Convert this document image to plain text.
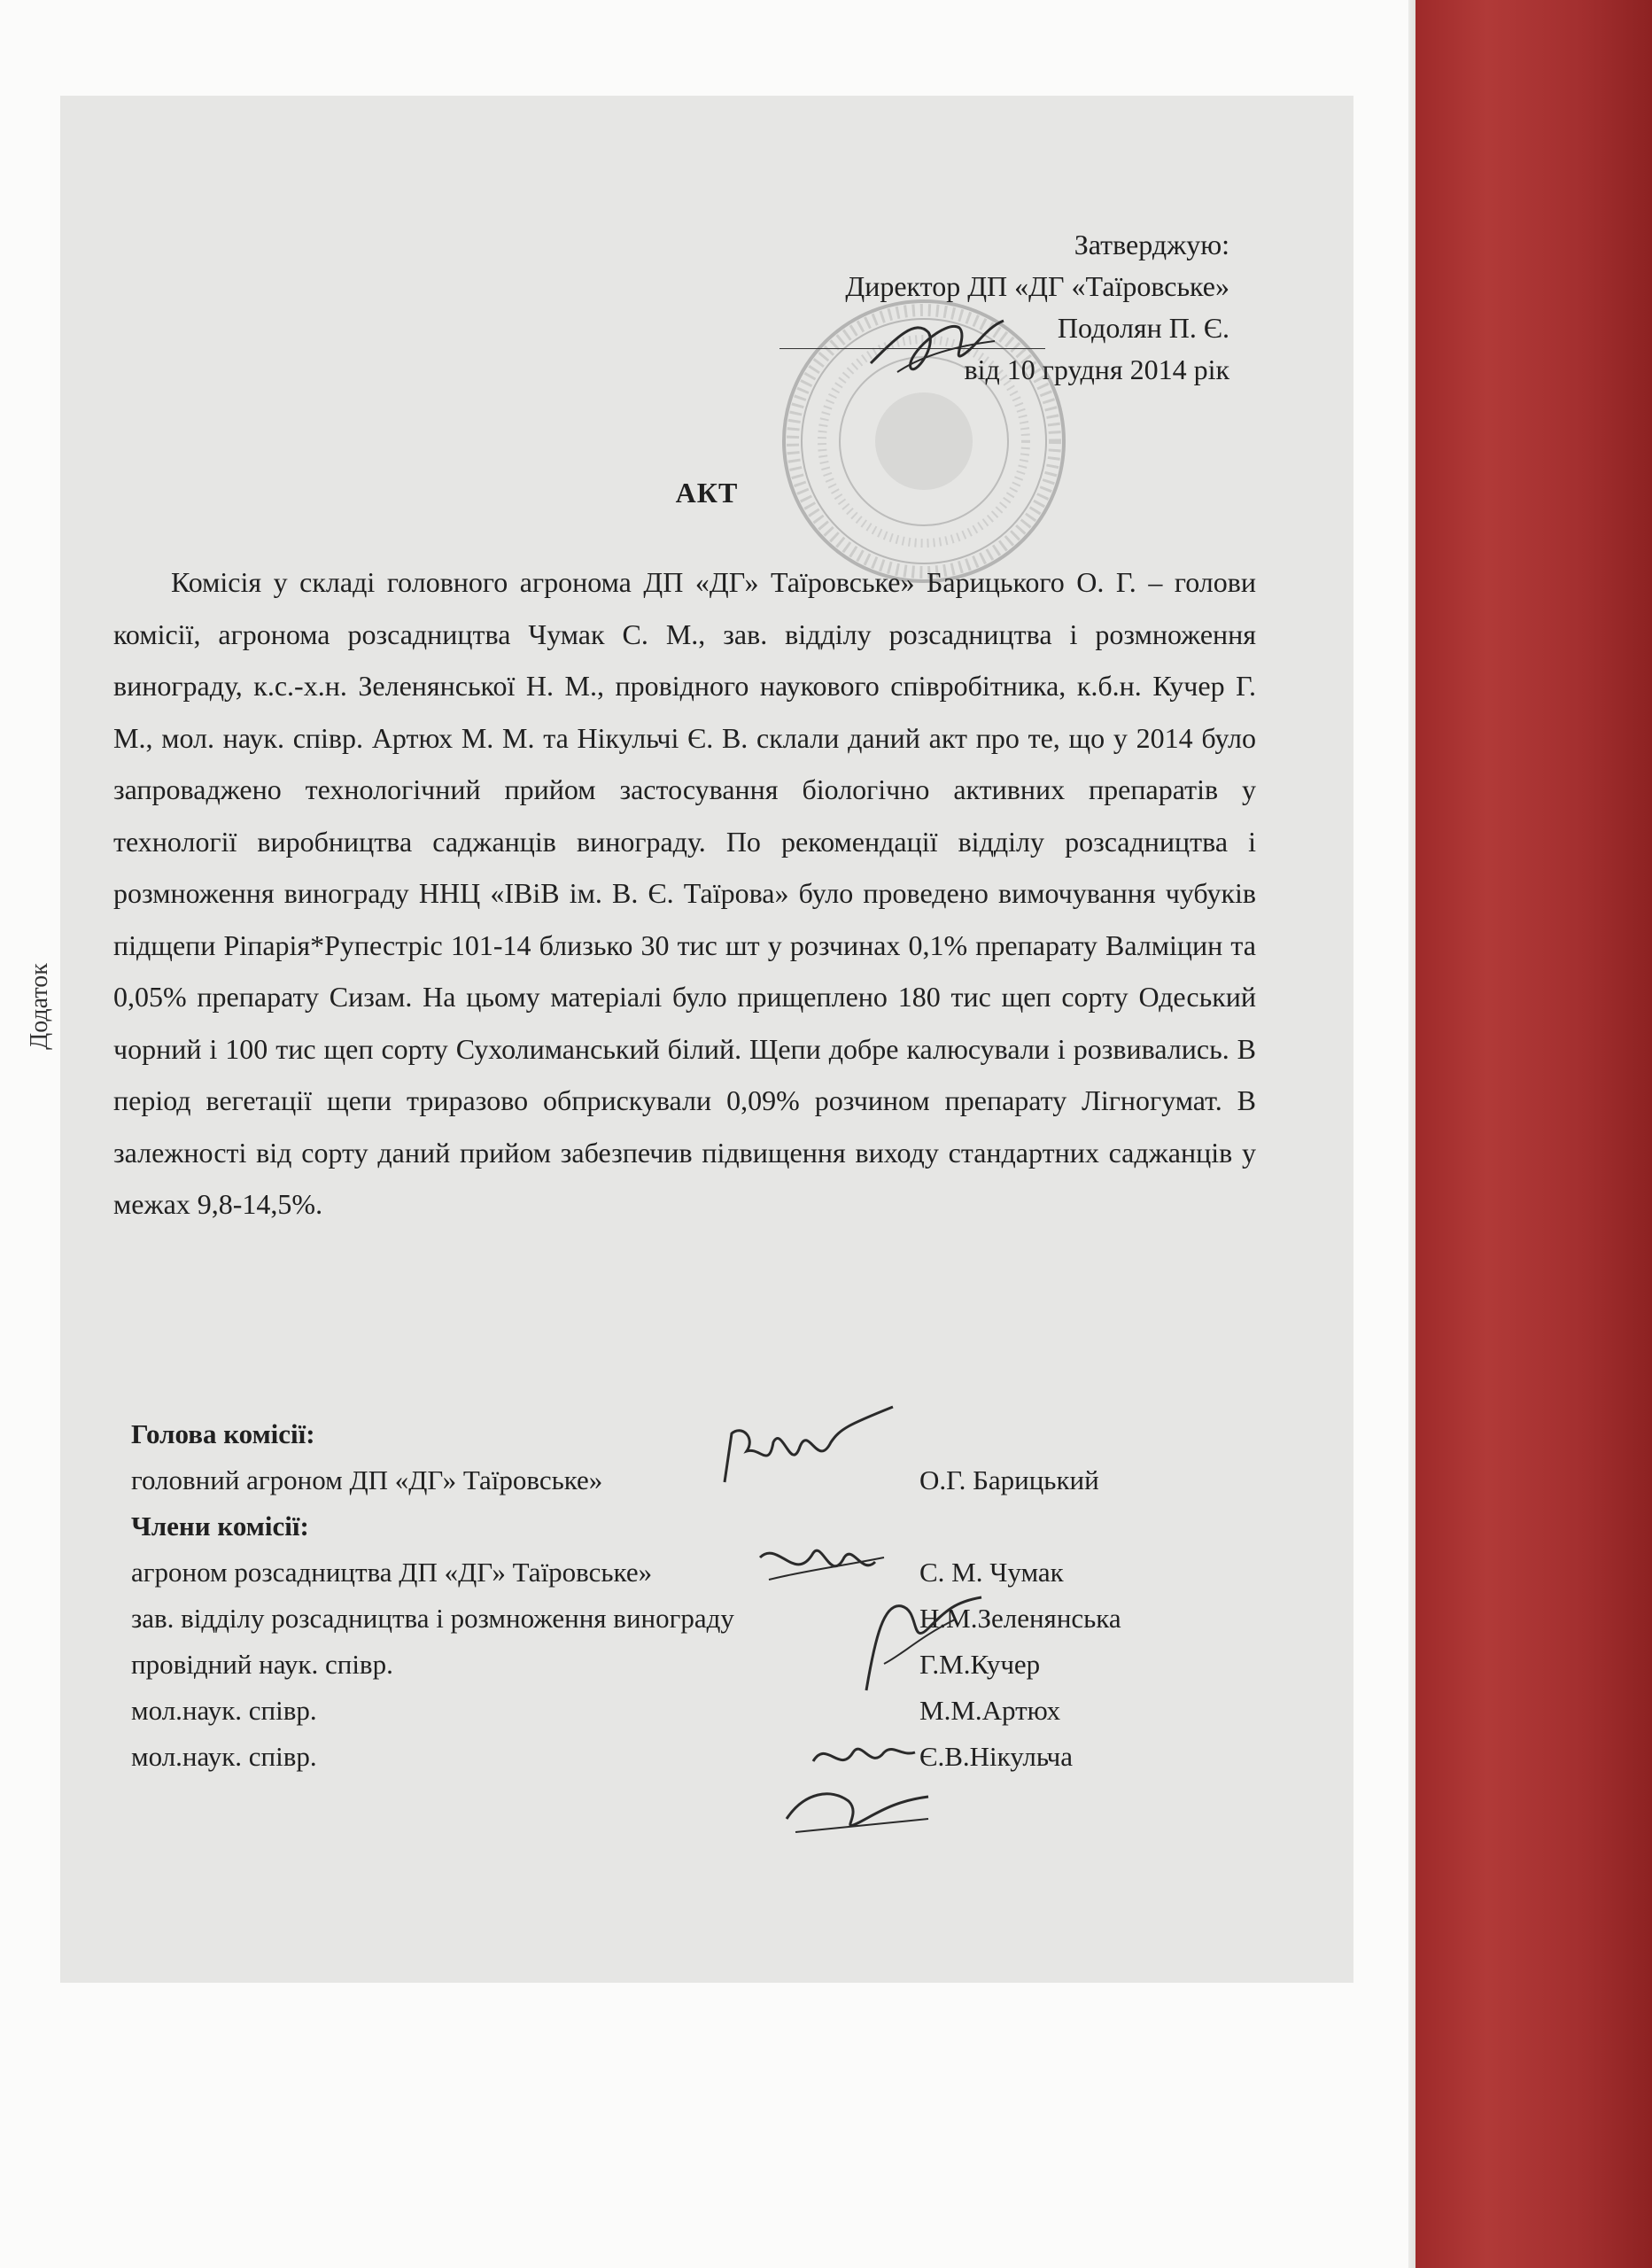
Затверджую:
Директор ДП «ДГ «Таїровське»
Подолян П. Є.
від 10 грудня 2014 рік
АКТ
Комісія у складі головного агронома ДП «ДГ» Таїровське» Барицького О. Г. – голови комісії, агронома розсадництва Чумак С. М., зав. відділу розсадництва і розмноження винограду, к.с.-х.н. Зеленянської Н. М., провідного наукового співробітника, к.б.н. Кучер Г. М., мол. наук. співр. Артюх М. М. та Нікульчі Є. В. склали даний акт про те, що у 2014 було запроваджено технологічний прийом застосування біологічно активних препаратів у технології виробництва саджанців винограду. По рекомендації відділу розсадництва і розмноження винограду ННЦ «ІВіВ ім. В. Є. Таїрова» було проведено вимочування чубуків підщепи Ріпарія*Рупестріс 101-14 близько 30 тис шт у розчинах 0,1% препарату Валміцин та 0,05% препарату Сизам. На цьому матеріалі було прищеплено 180 тис щеп сорту Одеський чорний і 100 тис щеп сорту Сухолиманський білий. Щепи добре калюсували і розвивались. В період вегетації щепи триразово обприскували 0,09% розчином препарату Лігногумат. В залежності від сорту даний прийом забезпечив підвищення виходу стандартних саджанців у межах 9,8-14,5%.
Голова комісії:
головний агроном ДП «ДГ» Таїровське»	О.Г. Барицький
Члени комісії:
агроном розсадництва ДП «ДГ» Таїровське»	С. М. Чумак
зав. відділу розсадництва і розмноження винограду	Н.М.Зеленянська
провідний наук. співр.	Г.М.Кучер
мол.наук. співр.	М.М.Артюх
мол.наук. співр.	Є.В.Нікульча
Додаток
